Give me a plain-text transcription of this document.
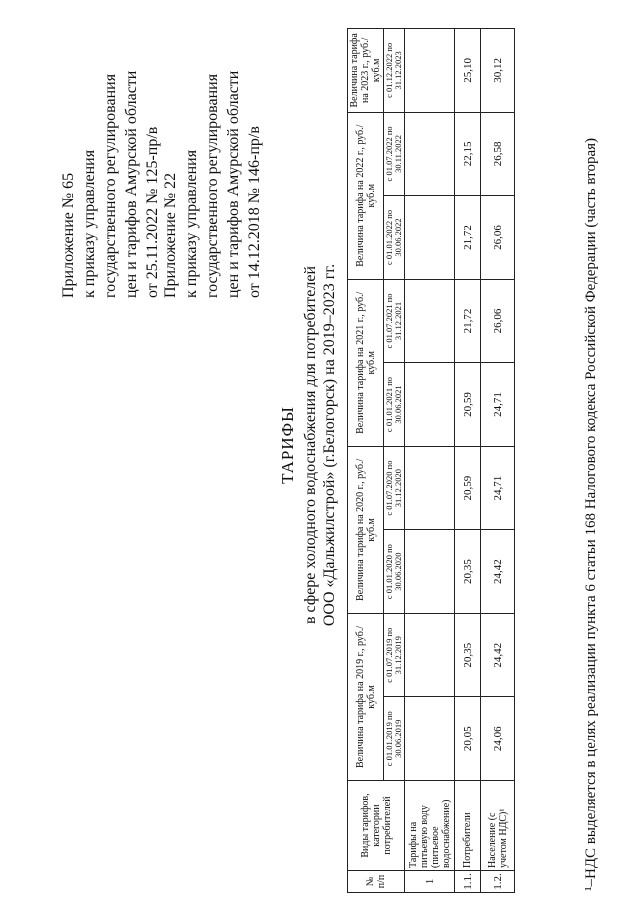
Приложение № 65 к приказу управления государственного регулирования цен и тарифов Амурской области от 25.11.2022 № 125-пр/в Приложение № 22 к приказу управления государственного регулирования цен и тарифов Амурской области от 14.12.2018 № 146-пр/в
ТАРИФЫ в сфере холодного водоснабжения для потребителей ООО «Дальжилстрой» (г.Белогорск) на 2019–2023 гг.
№ п/п	Виды тарифов, категории потребителей	Величина тарифа на 2019 г., руб./куб.м		Величина тарифа на 2020 г., руб./куб.м		Величина тарифа на 2021 г., руб./куб.м		Величина тарифа на 2022 г., руб./куб.м		Величина тарифа на 2023 г., руб./куб.м
		с 01.01.2019 по 30.06.2019	с 01.07.2019 по 31.12.2019	с 01.01.2020 по 30.06.2020	с 01.07.2020 по 31.12.2020	с 01.01.2021 по 30.06.2021	с 01.07.2021 по 31.12.2021	с 01.01.2022 по 30.06.2022	с 01.07.2022 по 30.11.2022	с 01.12.2022 по 31.12.2023
1	Тарифы на питьевую воду (питьевое водоснабжение)									
1.1.	Потребители	20,05	20,35	20,35	20,59	20,59	21,72	21,72	22,15	25,10
1.2.	Население (с учетом НДС)¹	24,06	24,42	24,42	24,71	24,71	26,06	26,06	26,58	30,12
¹–НДС выделяется в целях реализации пункта 6 статьи 168 Налогового кодекса Российской Федерации (часть вторая)
